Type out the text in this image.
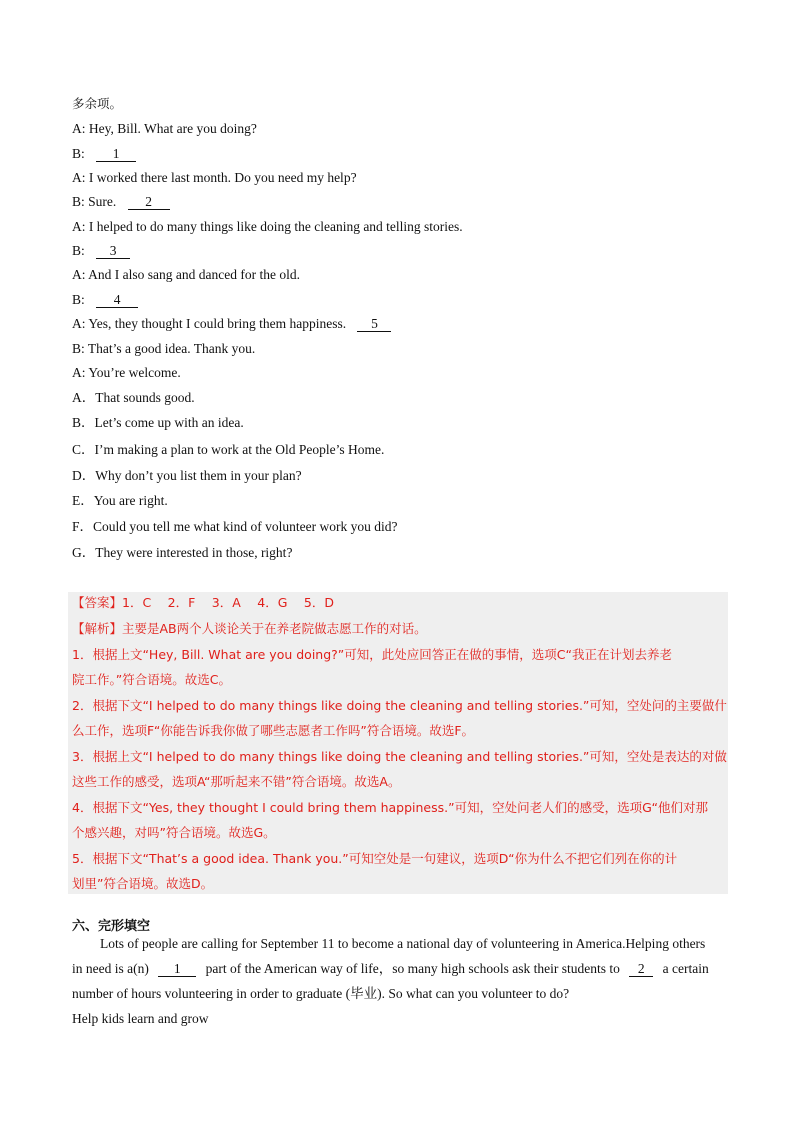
多余项。
A: Hey, Bill. What are you doing?
B: 1
A: I worked there last month. Do you need my help?
B: Sure. 2
A: I helped to do many things like doing the cleaning and telling stories.
B: 3
A: And I also sang and danced for the old.
B: 4
A: Yes, they thought I could bring them happiness. 5
B: That’s a good idea. Thank you.
A: You’re welcome.
A．That sounds good.
B．Let’s come up with an idea.
C．I’m making a plan to work at the Old People’s Home.
D．Why don’t you list them in your plan?
E．You are right.
F．Could you tell me what kind of volunteer work you did?
G．They were interested in those, right?
【答案】1．C　 2．F　 3．A　 4．G　 5．D
【解析】主要是AB两个人谈论关于在养老院做志愿工作的对话。
1．根据上文“Hey, Bill. What are you doing?”可知，此处应回答正在做的事情，选项C“我正在计划去养老
院工作。”符合语境。故选C。
2．根据下文“I helped to do many things like doing the cleaning and telling stories.”可知，空处问的主要做什
么工作，选项F“你能告诉我你做了哪些志愿者工作吗”符合语境。故选F。
3．根据上文“I helped to do many things like doing the cleaning and telling stories.”可知，空处是表达的对做
这些工作的感受，选项A“那听起来不错”符合语境。故选A。
4．根据下文“Yes, they thought I could bring them happiness.”可知，空处问老人们的感受，选项G“他们对那
个感兴趣，对吗”符合语境。故选G。
5．根据下文“That’s a good idea. Thank you.”可知空处是一句建议，选项D“你为什么不把它们列在你的计
划里”符合语境。故选D。
六、完形填空
Lots of people are calling for September 11 to become a national day of volunteering in America.Helping others
in need is a(n) 1 part of the American way of life，so many high schools ask their students to 2 a certain
number of hours volunteering in order to graduate (毕业). So what can you volunteer to do?
Help kids learn and grow
